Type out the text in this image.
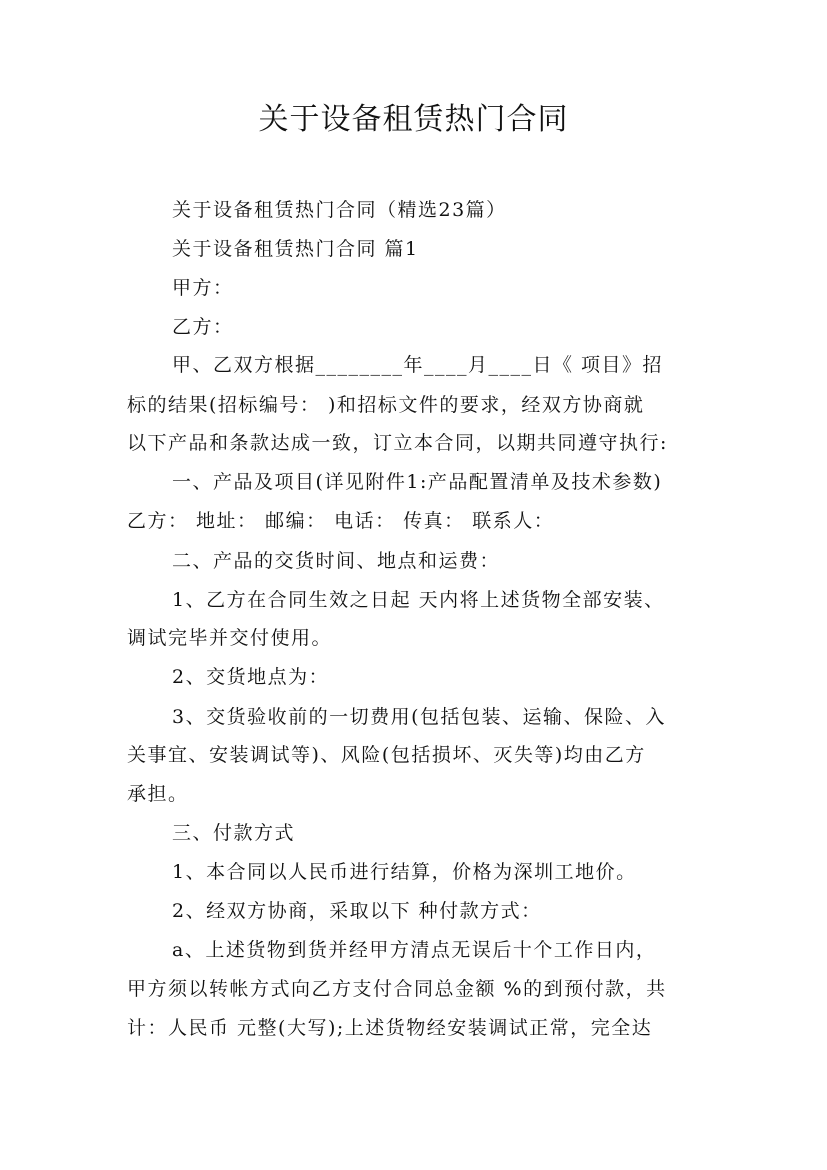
关于设备租赁热门合同
关于设备租赁热门合同（精选23篇）
关于设备租赁热门合同 篇1
甲方：
乙方：
甲、乙双方根据________年____月____日《 项目》招
标的结果(招标编号： )和招标文件的要求，经双方协商就
以下产品和条款达成一致，订立本合同，以期共同遵守执行:
一、产品及项目(详见附件1:产品配置清单及技术参数)
乙方： 地址： 邮编： 电话： 传真： 联系人：
二、产品的交货时间、地点和运费：
1、乙方在合同生效之日起 天内将上述货物全部安装、
调试完毕并交付使用。
2、交货地点为：
3、交货验收前的一切费用(包括包装、运输、保险、入
关事宜、安装调试等)、风险(包括损坏、灭失等)均由乙方
承担。
三、付款方式
1、本合同以人民币进行结算，价格为深圳工地价。
2、经双方协商，采取以下 种付款方式：
a、上述货物到货并经甲方清点无误后十个工作日内，
甲方须以转帐方式向乙方支付合同总金额 %的到预付款，共
计：人民币 元整(大写);上述货物经安装调试正常，完全达
